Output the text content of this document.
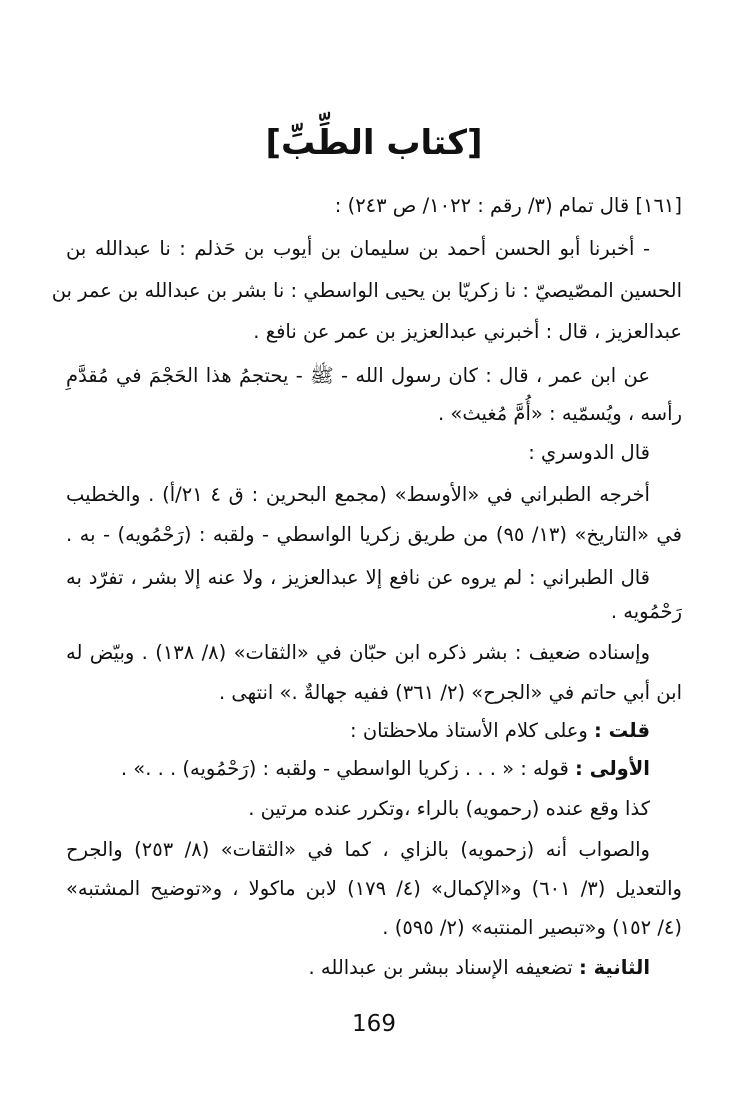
[كتاب الطِّبِّ]
[١٦١] قال تمام (٣/ رقم : ١٠٢٢/ ص ٢٤٣) :
- أخبرنا أبو الحسن أحمد بن سليمان بن أيوب بن حَذلم : نا عبدالله بن
الحسين المصّيصيّ : نا زكريّا بن يحيى الواسطي : نا بشر بن عبدالله بن عمر بن
عبدالعزيز ، قال : أخبرني عبدالعزيز بن عمر عن نافع .
عن ابن عمر ، قال : كان رسول الله - ﷺ - يحتجمُ هذا الحَجْمَ في مُقدَّمِ
رأسه ، ويُسمّيه : «أُمَّ مُغيث» .
قال الدوسري :
أخرجه الطبراني في «الأوسط» (مجمع البحرين : ق ٤ ٢١/أ) . والخطيب
في «التاريخ» (١٣/ ٩٥) من طريق زكريا الواسطي - ولقبه : (رَحْمُويه) - به .
قال الطبراني : لم يروه عن نافع إلا عبدالعزيز ، ولا عنه إلا بشر ، تفرّد به
رَحْمُويه .
وإسناده ضعيف : بشر ذكره ابن حبّان في «الثقات» (٨/ ١٣٨) . وبيّض له
ابن أبي حاتم في «الجرح» (٢/ ٣٦١) ففيه جهالةٌ .» انتهى .
قلت : وعلى كلام الأستاذ ملاحظتان :
الأولى : قوله : « . . . زكريا الواسطي - ولقبه : (رَحْمُويه) . . .» .
كذا وقع عنده (رحمويه) بالراء ،وتكرر عنده مرتين .
والصواب أنه (زحمويه) بالزاي ، كما في «الثقات» (٨/ ٢٥٣) والجرح
والتعديل (٣/ ٦٠١) و«الإكمال» (٤/ ١٧٩) لابن ماكولا ، و«توضيح المشتبه»
(٤/ ١٥٢) و«تبصير المنتبه» (٢/ ٥٩٥) .
الثانية : تضعيفه الإسناد ببشر بن عبدالله .
169
